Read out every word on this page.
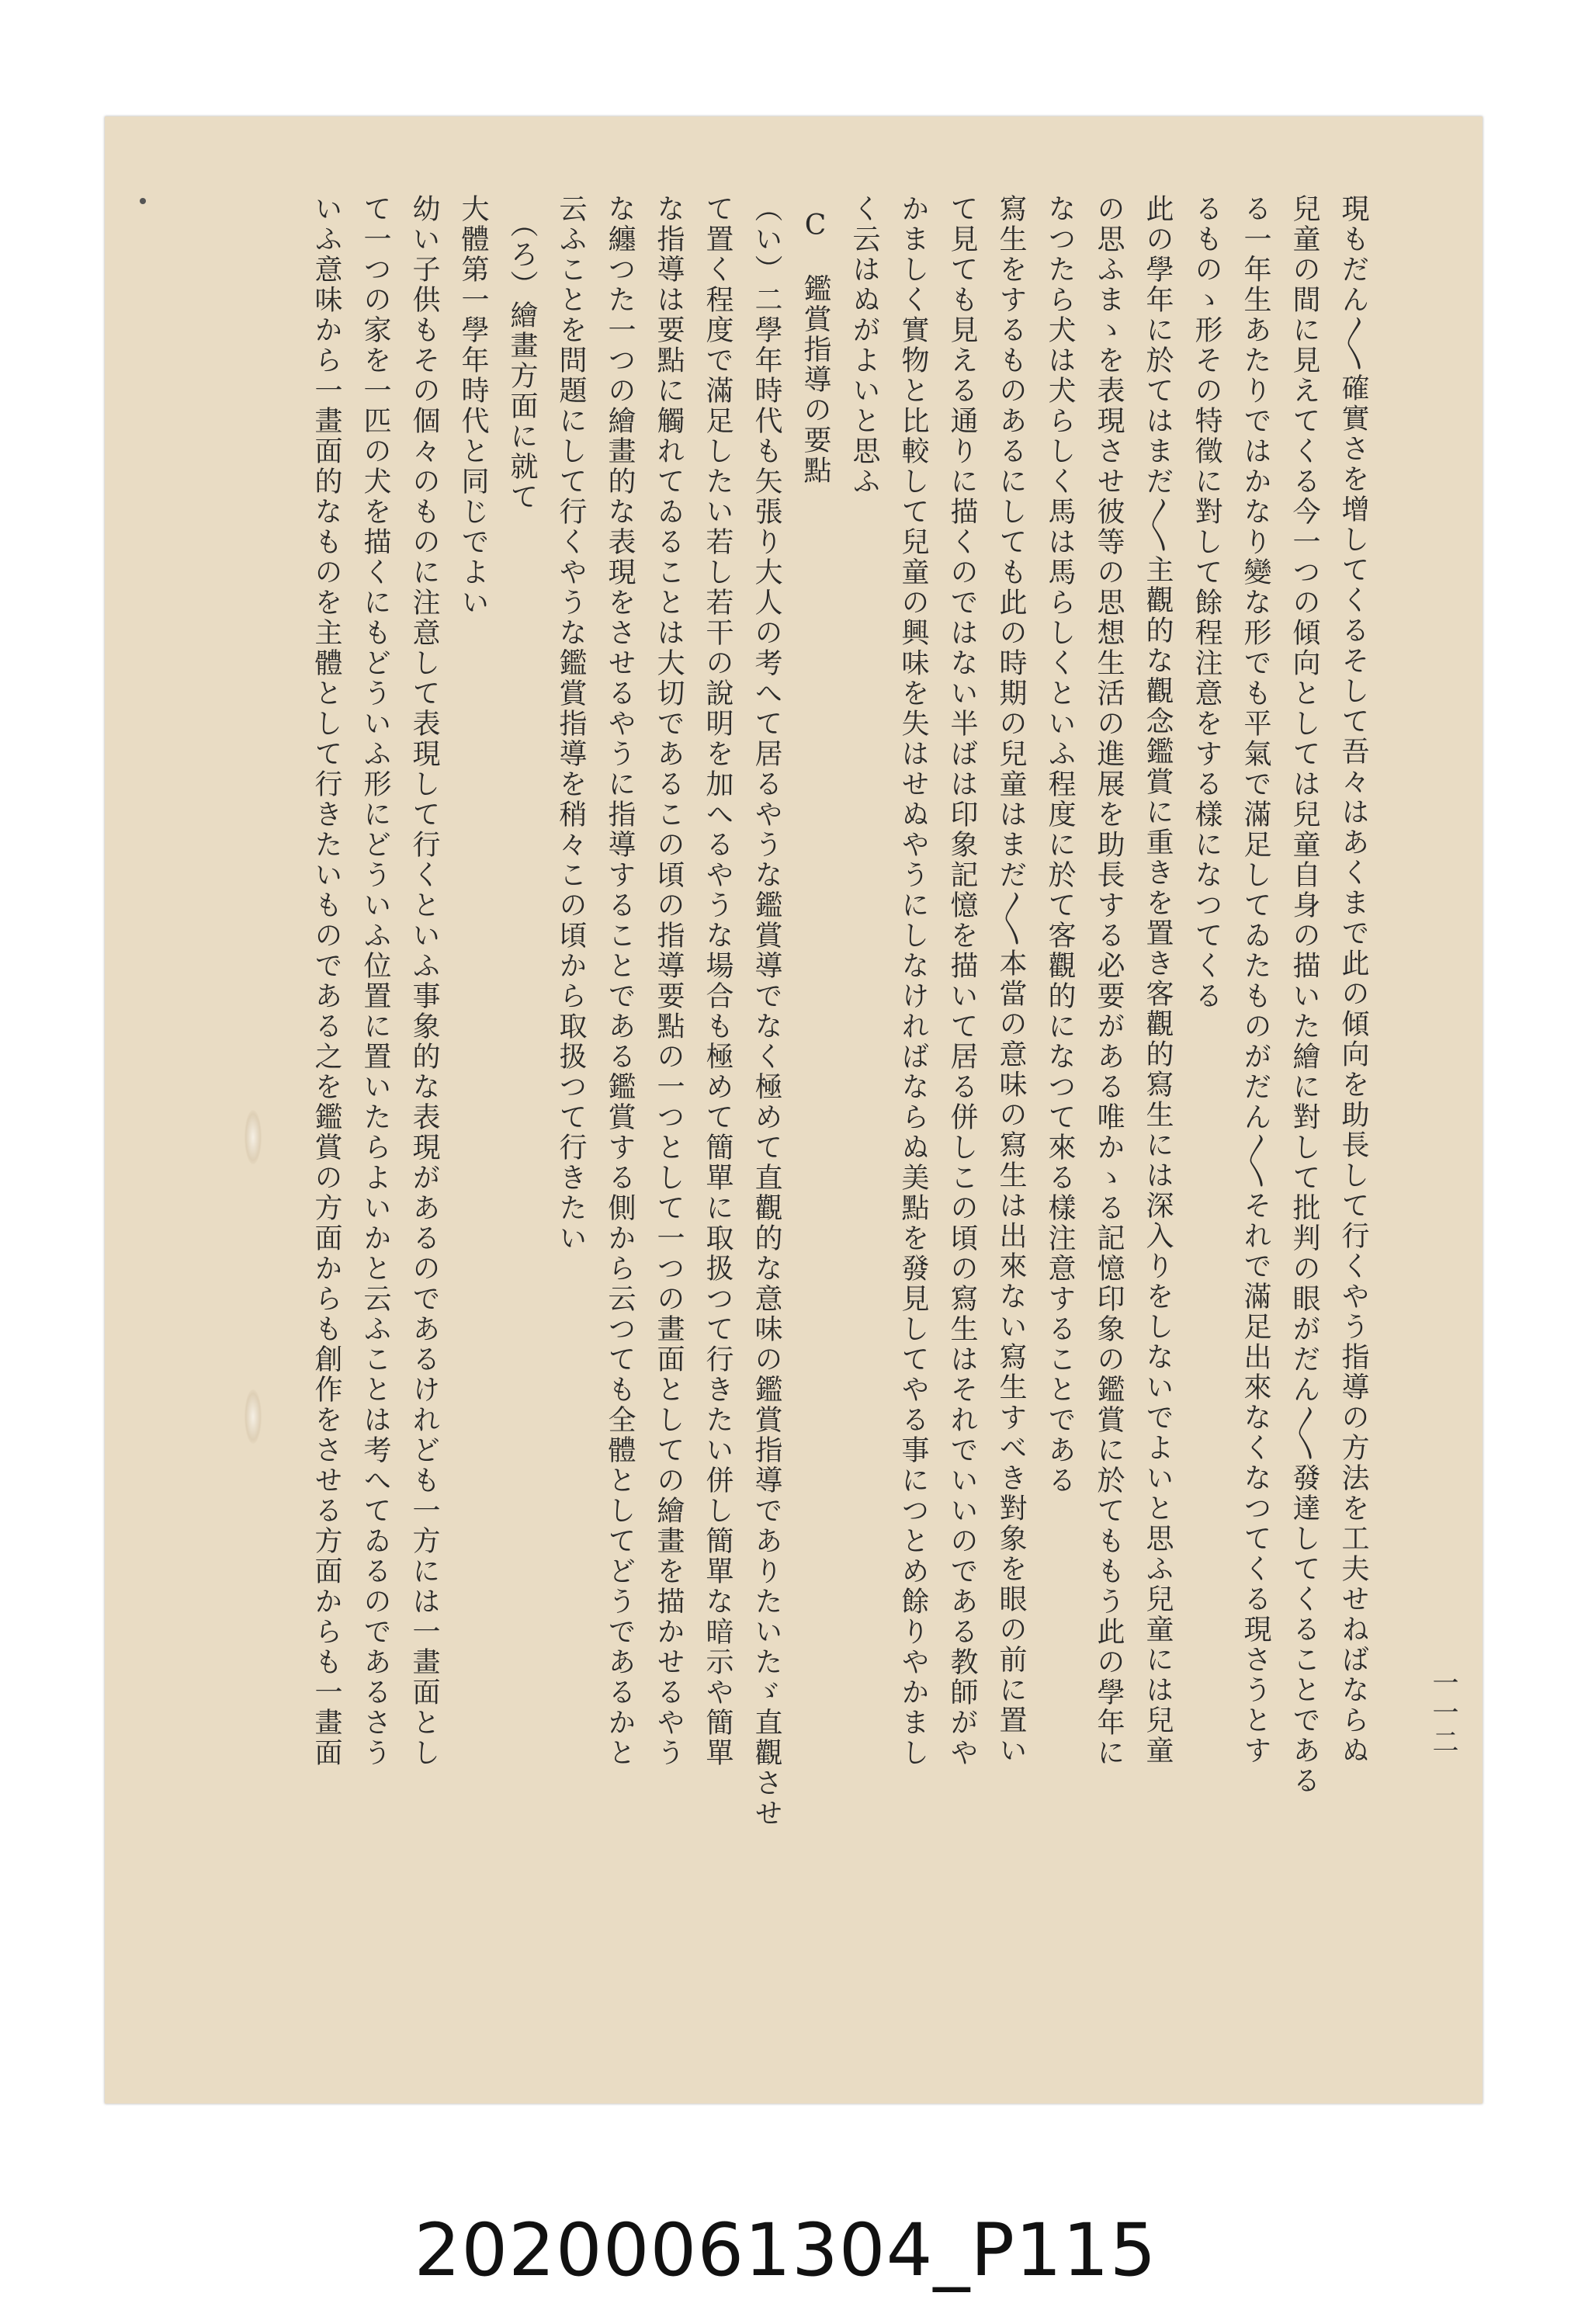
一一二
現もだん〳〵確實さを增してくるそして吾々はあくまで此の傾向を助長して行くやう指導の方法を工夫せねばならぬ
兒童の間に見えてくる今一つの傾向としては兒童自身の描いた繪に對して批判の眼がだん〳〵發達してくることである
る一年生あたりではかなり變な形でも平氣で滿足してゐたものがだん〳〵それで滿足出來なくなつてくる現さうとす
るものゝ形その特徵に對して餘程注意をする樣になつてくる
此の學年に於てはまだ〳〵主觀的な觀念鑑賞に重きを置き客觀的寫生には深入りをしないでよいと思ふ兒童には兒童
の思ふまゝを表現させ彼等の思想生活の進展を助長する必要がある唯かゝる記憶印象の鑑賞に於てももう此の學年に
なつたら犬は犬らしく馬は馬らしくといふ程度に於て客觀的になつて來る樣注意することである
寫生をするものあるにしても此の時期の兒童はまだ〳〵本當の意味の寫生は出來ない寫生すべき對象を眼の前に置い
て見ても見える通りに描くのではない半ばは印象記憶を描いて居る併しこの頃の寫生はそれでいいのである教師がや
かましく實物と比較して兒童の興味を失はせぬやうにしなければならぬ美點を發見してやる事につとめ餘りやかまし
く云はぬがよいと思ふ
C　鑑賞指導の要點
（い）二學年時代も矢張り大人の考へて居るやうな鑑賞導でなく極めて直觀的な意味の鑑賞指導でありたいたゞ直觀させ
て置く程度で滿足したい若し若干の說明を加へるやうな場合も極めて簡單に取扱つて行きたい併し簡單な暗示や簡單
な指導は要點に觸れてゐることは大切であるこの頃の指導要點の一つとして一つの畫面としての繪畫を描かせるやう
な纏つた一つの繪畫的な表現をさせるやうに指導することである鑑賞する側から云つても全體としてどうであるかと
云ふことを問題にして行くやうな鑑賞指導を稍々この頃から取扱つて行きたい
（ろ）繪畫方面に就て
大體第一學年時代と同じでよい
幼い子供もその個々のものに注意して表現して行くといふ事象的な表現があるのであるけれども一方には一畫面とし
て一つの家を一匹の犬を描くにもどういふ形にどういふ位置に置いたらよいかと云ふことは考へてゐるのであるさう
いふ意味から一畫面的なものを主體として行きたいものである之を鑑賞の方面からも創作をさせる方面からも一畫面
20200061304_P115
